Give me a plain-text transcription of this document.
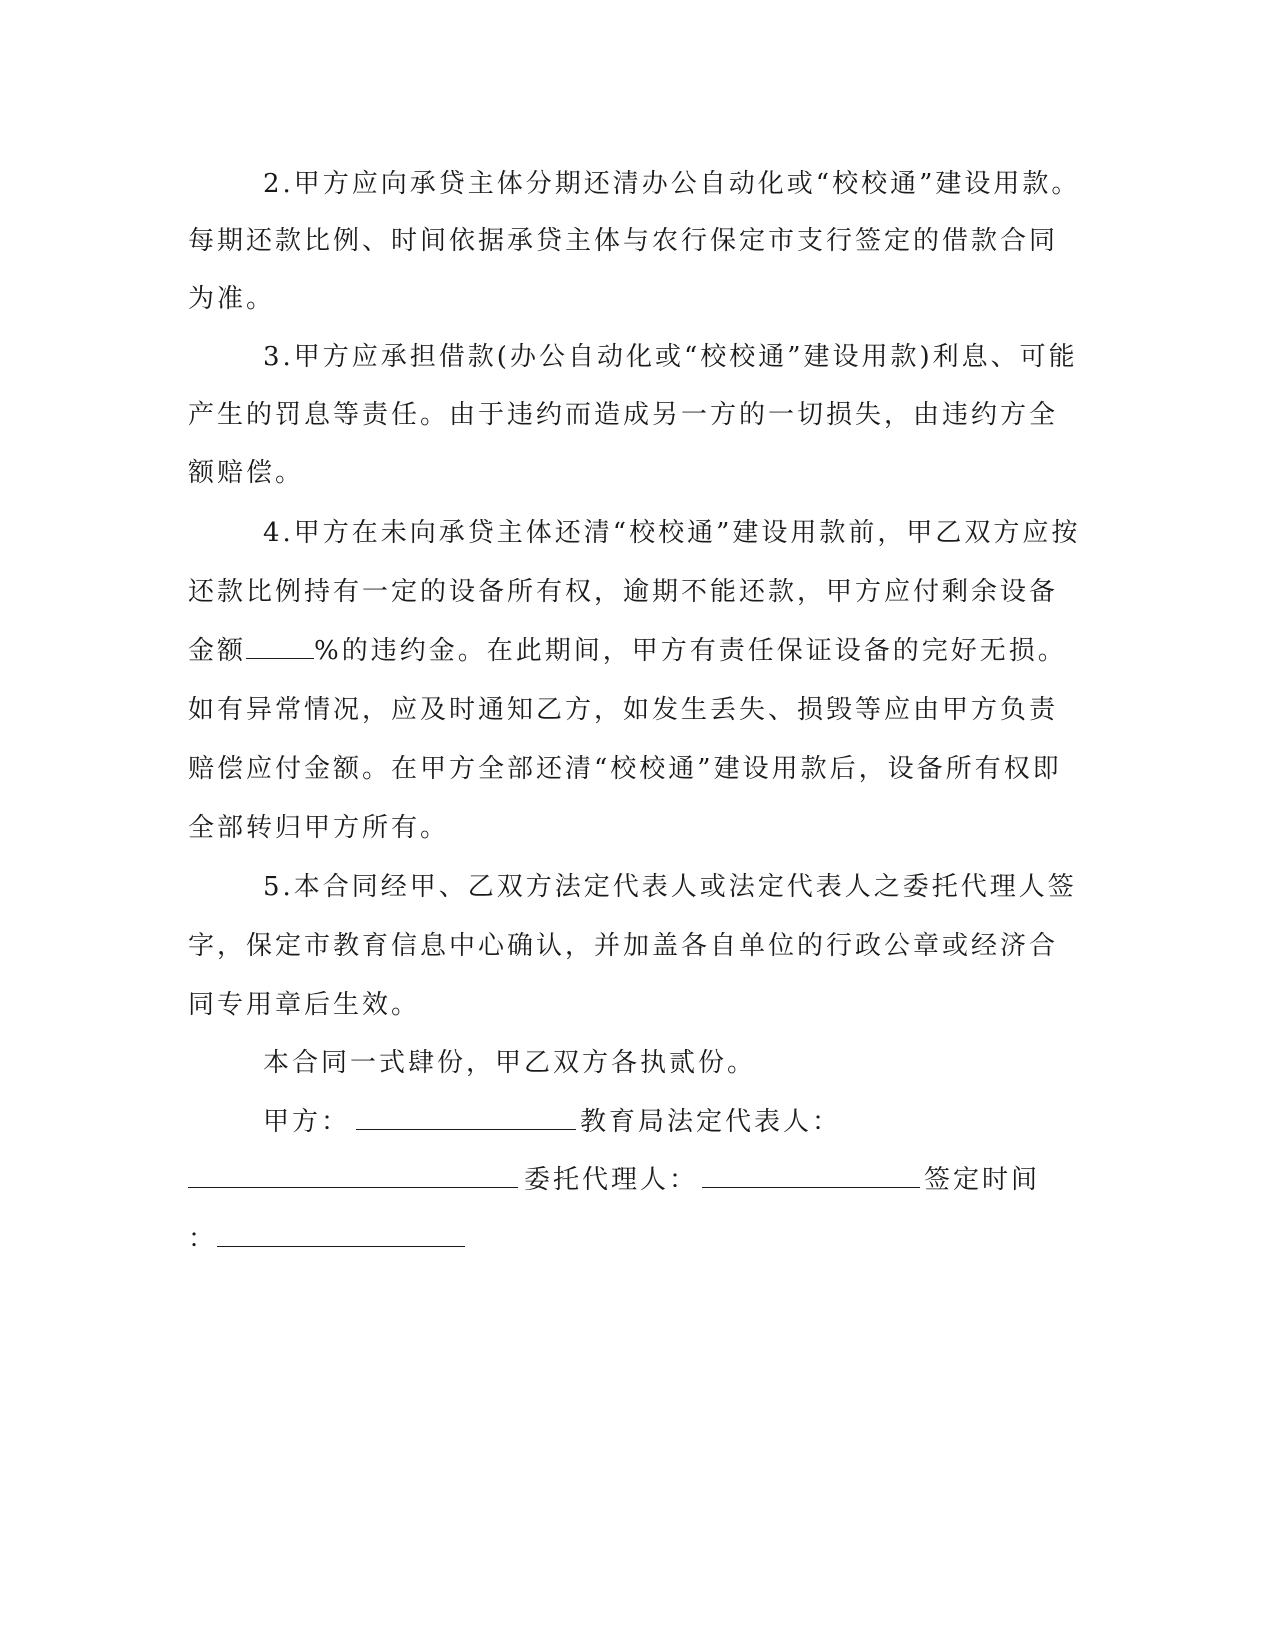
2.甲方应向承贷主体分期还清办公自动化或“校校通”建设用款。
每期还款比例、时间依据承贷主体与农行保定市支行签定的借款合同
为准。
3.甲方应承担借款(办公自动化或“校校通”建设用款)利息、可能
产生的罚息等责任。由于违约而造成另一方的一切损失，由违约方全
额赔偿。
4.甲方在未向承贷主体还清“校校通”建设用款前，甲乙双方应按
还款比例持有一定的设备所有权，逾期不能还款，甲方应付剩余设备
金额	%的违约金。在此期间，甲方有责任保证设备的完好无损。
如有异常情况，应及时通知乙方，如发生丢失、损毁等应由甲方负责
赔偿应付金额。在甲方全部还清“校校通”建设用款后，设备所有权即
全部转归甲方所有。
5.本合同经甲、乙双方法定代表人或法定代表人之委托代理人签
字，保定市教育信息中心确认，并加盖各自单位的行政公章或经济合
同专用章后生效。
本合同一式肆份，甲乙双方各执贰份。
甲方：	教育局法定代表人：
委托代理人：	签定时间
：
